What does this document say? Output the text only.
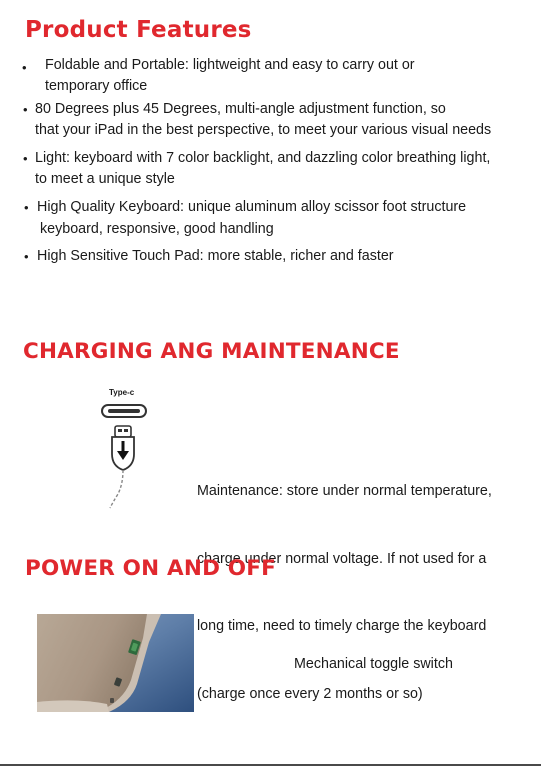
Product Features
• Foldable and Portable: lightweight and easy to carry out or
temporary office
• 80 Degrees plus 45 Degrees, multi-angle adjustment function, so
that your iPad in the best perspective, to meet your various visual needs
• Light: keyboard with 7 color backlight, and dazzling color breathing light,
to meet a unique style
• High Quality Keyboard: unique aluminum alloy scissor foot structure
keyboard, responsive, good handling
• High Sensitive Touch Pad: more stable, richer and faster
CHARGING ANG MAINTENANCE
Type-c

Maintenance: store under normal temperature,

charge under normal voltage. If not used for a

long time, need to timely charge the keyboard

(charge once every 2 months or so)

POWER ON AND OFF
Mechanical toggle switch
